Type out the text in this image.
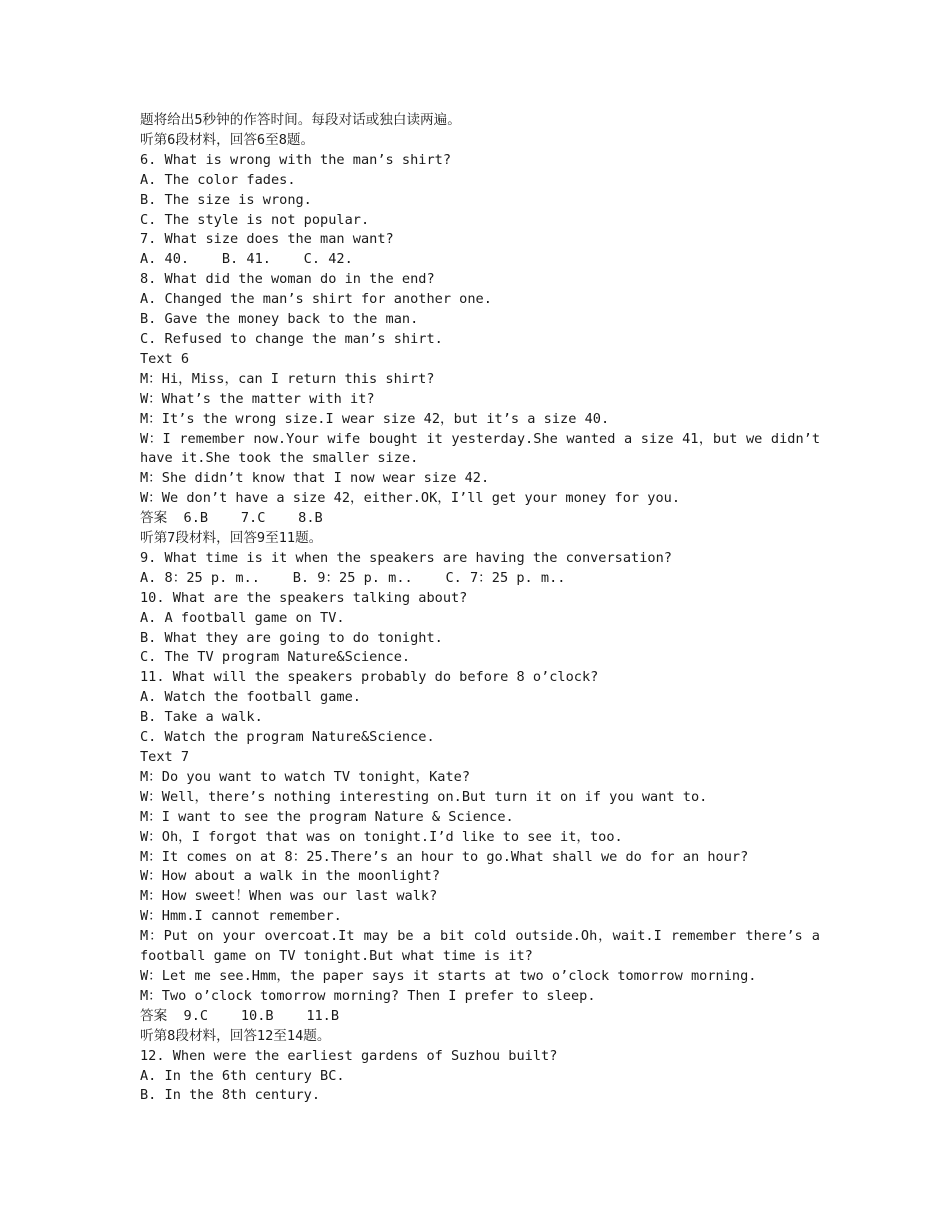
题将给出5秒钟的作答时间。每段对话或独白读两遍。

听第6段材料，回答6至8题。

6. What is wrong with the man’s shirt?

A. The color fades.

B. The size is wrong.

C. The style is not popular.

7. What size does the man want?

A. 40.    B. 41.    C. 42.

8. What did the woman do in the end?

A. Changed the man’s shirt for another one.

B. Gave the money back to the man.

C. Refused to change the man’s shirt.

Text 6

M：Hi，Miss，can I return this shirt?

W：What’s the matter with it?

M：It’s the wrong size.I wear size 42，but it’s a size 40.

W：I remember now.Your wife bought it yesterday.She wanted a size 41，but we didn’t have it.She took the smaller size.

M：She didn’t know that I now wear size 42.

W：We don’t have a size 42，either.OK，I’ll get your money for you.

答案  6.B    7.C    8.B

听第7段材料，回答9至11题。

9. What time is it when the speakers are having the conversation?

A. 8：25 p. m..    B. 9：25 p. m..    C. 7：25 p. m..

10. What are the speakers talking about?

A. A football game on TV.

B. What they are going to do tonight.

C. The TV program Nature&Science.

11. What will the speakers probably do before 8 o’clock?

A. Watch the football game.

B. Take a walk.

C. Watch the program Nature&Science.

Text 7

M：Do you want to watch TV tonight，Kate?

W：Well，there’s nothing interesting on.But turn it on if you want to.

M：I want to see the program Nature & Science.

W：Oh，I forgot that was on tonight.I’d like to see it，too.

M：It comes on at 8：25.There’s an hour to go.What shall we do for an hour?

W：How about a walk in the moonlight?

M：How sweet！When was our last walk?

W：Hmm.I cannot remember.

M：Put on your overcoat.It may be a bit cold outside.Oh，wait.I remember there’s a football game on TV tonight.But what time is it?

W：Let me see.Hmm，the paper says it starts at two o’clock tomorrow morning.

M：Two o’clock tomorrow morning? Then I prefer to sleep.

答案  9.C    10.B    11.B

听第8段材料，回答12至14题。

12. When were the earliest gardens of Suzhou built?

A. In the 6th century BC.

B. In the 8th century.
